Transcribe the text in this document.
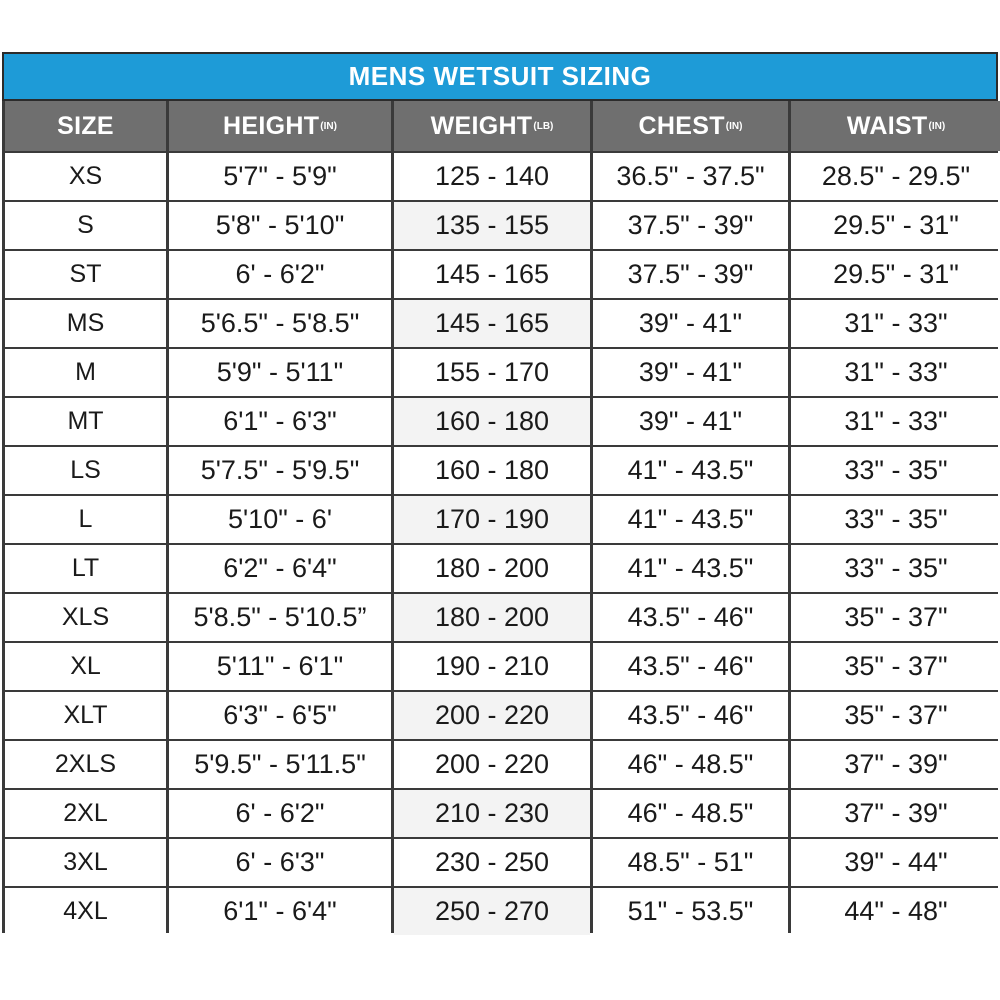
MENS WETSUIT SIZING
SIZE	HEIGHT (IN)	WEIGHT (LB)	CHEST (IN)	WAIST (IN)
XS	5'7" - 5'9"	125 - 140	36.5" - 37.5"	28.5" - 29.5"
S	5'8" - 5'10"	135 - 155	37.5" - 39"	29.5" - 31"
ST	6' - 6'2"	145 - 165	37.5" - 39"	29.5" - 31"
MS	5'6.5" - 5'8.5"	145 - 165	39" - 41"	31" - 33"
M	5'9" - 5'11"	155 - 170	39" - 41"	31" - 33"
MT	6'1" - 6'3"	160 - 180	39" - 41"	31" - 33"
LS	5'7.5" - 5'9.5"	160 - 180	41" - 43.5"	33" - 35"
L	5'10" - 6'	170 - 190	41" - 43.5"	33" - 35"
LT	6'2" - 6'4"	180 - 200	41" - 43.5"	33" - 35"
XLS	5'8.5" - 5'10.5”	180 - 200	43.5" - 46"	35" - 37"
XL	5'11" - 6'1"	190 - 210	43.5" - 46"	35" - 37"
XLT	6'3" - 6'5"	200 - 220	43.5" - 46"	35" - 37"
2XLS	5'9.5" - 5'11.5"	200 - 220	46" - 48.5"	37" - 39"
2XL	6' - 6'2"	210 - 230	46" - 48.5"	37" - 39"
3XL	6' - 6'3"	230 - 250	48.5" - 51"	39" - 44"
4XL	6'1" - 6'4"	250 - 270	51" - 53.5"	44" - 48"
